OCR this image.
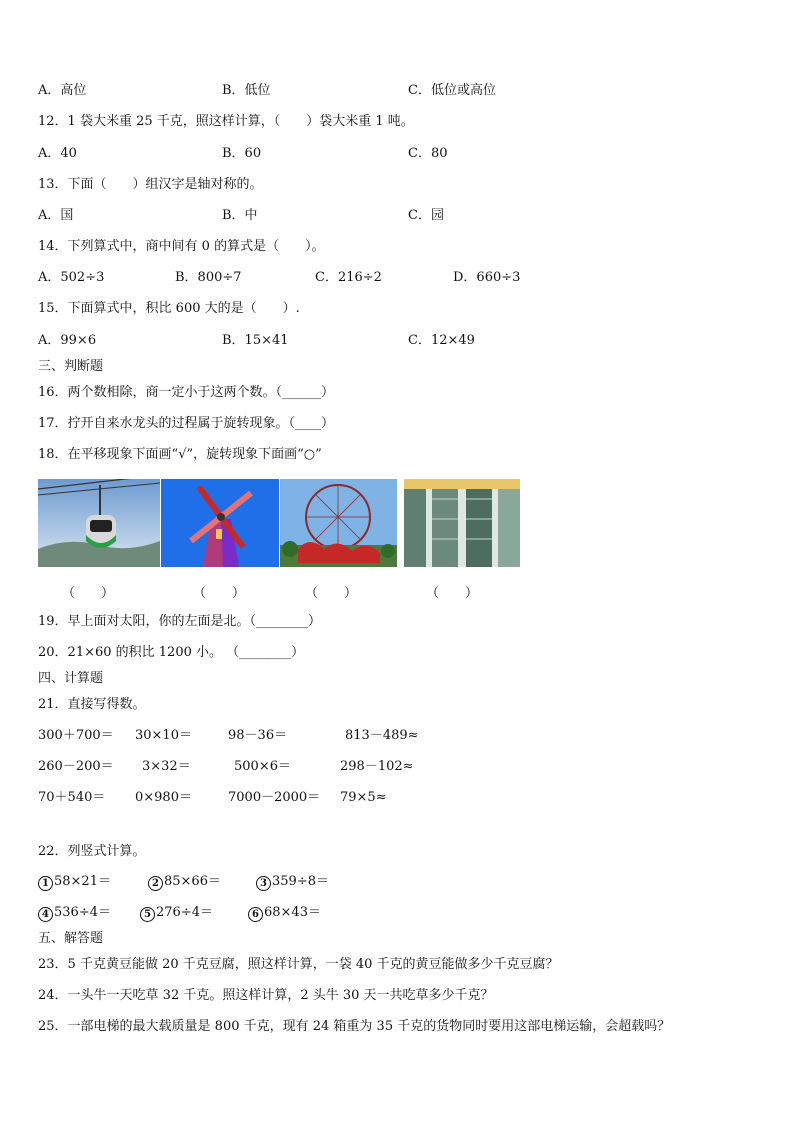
A．高位	B．低位	C．低位或高位
12．1 袋大米重 25 千克，照这样计算，（　　）袋大米重 1 吨。
A．40	B．60	C．80
13．下面（　　）组汉字是轴对称的。
A．国	B．中	C．园
14．下列算式中，商中间有 0 的算式是（　　）。
A．502÷3	B．800÷7	C．216÷2	D．660÷3
15．下面算式中，积比 600 大的是（　　）.
A．99×6	B．15×41	C．12×49
三、判断题
16．两个数相除，商一定小于这两个数。（______）
17．拧开自来水龙头的过程属于旋转现象。（____）
18．在平移现象下面画“√”，旋转现象下面画“○”
（　　）	（　　）	（　　）	（　　）
19．早上面对太阳，你的左面是北。（________）
20．21×60 的积比 1200 小。 （________）
四、计算题
21．直接写得数。
300＋700＝ 30×10＝	98－36＝	813－489≈
260－200＝ 3×32＝	500×6＝	298－102≈
70＋540＝ 0×980＝	7000－2000＝ 79×5≈
22．列竖式计算。
1 58×21＝	2 85×66＝	3 359÷8＝
4 536÷4＝	5 276÷4＝	6 68×43＝
五、解答题
23．5 千克黄豆能做 20 千克豆腐，照这样计算，一袋 40 千克的黄豆能做多少千克豆腐？
24．一头牛一天吃草 32 千克。照这样计算，2 头牛 30 天一共吃草多少千克？
25．一部电梯的最大载质量是 800 千克，现有 24 箱重为 35 千克的货物同时要用这部电梯运输，会超载吗？
